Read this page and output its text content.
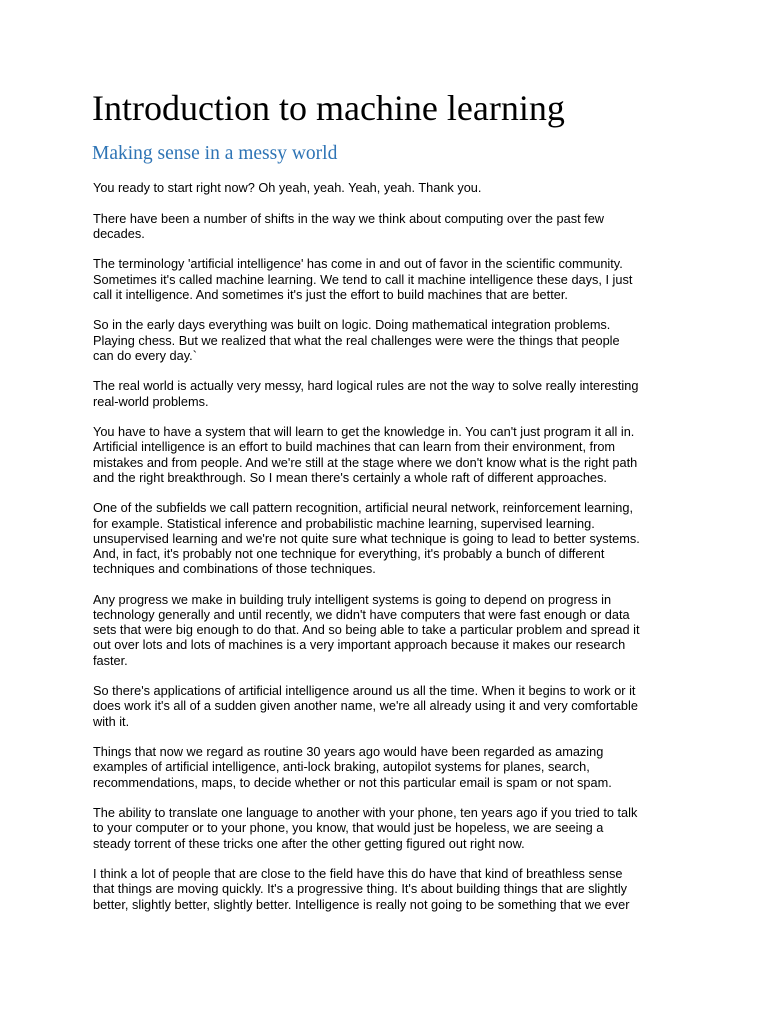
Introduction to machine learning
Making sense in a messy world

You ready to start right now? Oh yeah, yeah. Yeah, yeah. Thank you.

There have been a number of shifts in the way we think about computing over the past few
decades.

The terminology 'artificial intelligence' has come in and out of favor in the scientific community.
Sometimes it's called machine learning. We tend to call it machine intelligence these days, I just
call it intelligence. And sometimes it's just the effort to build machines that are better.

So in the early days everything was built on logic. Doing mathematical integration problems.
Playing chess. But we realized that what the real challenges were were the things that people
can do every day.`

The real world is actually very messy, hard logical rules are not the way to solve really interesting
real-world problems.

You have to have a system that will learn to get the knowledge in. You can't just program it all in.
Artificial intelligence is an effort to build machines that can learn from their environment, from
mistakes and from people. And we're still at the stage where we don't know what is the right path
and the right breakthrough. So I mean there's certainly a whole raft of different approaches.

One of the subfields we call pattern recognition, artificial neural network, reinforcement learning,
for example. Statistical inference and probabilistic machine learning, supervised learning.
unsupervised learning and we're not quite sure what technique is going to lead to better systems.
And, in fact, it's probably not one technique for everything, it's probably a bunch of different
techniques and combinations of those techniques.

Any progress we make in building truly intelligent systems is going to depend on progress in
technology generally and until recently, we didn't have computers that were fast enough or data
sets that were big enough to do that. And so being able to take a particular problem and spread it
out over lots and lots of machines is a very important approach because it makes our research
faster.

So there's applications of artificial intelligence around us all the time. When it begins to work or it
does work it's all of a sudden given another name, we're all already using it and very comfortable
with it.

Things that now we regard as routine 30 years ago would have been regarded as amazing
examples of artificial intelligence, anti-lock braking, autopilot systems for planes, search,
recommendations, maps, to decide whether or not this particular email is spam or not spam.

The ability to translate one language to another with your phone, ten years ago if you tried to talk
to your computer or to your phone, you know, that would just be hopeless, we are seeing a
steady torrent of these tricks one after the other getting figured out right now.

I think a lot of people that are close to the field have this do have that kind of breathless sense
that things are moving quickly. It's a progressive thing. It's about building things that are slightly
better, slightly better, slightly better. Intelligence is really not going to be something that we ever
